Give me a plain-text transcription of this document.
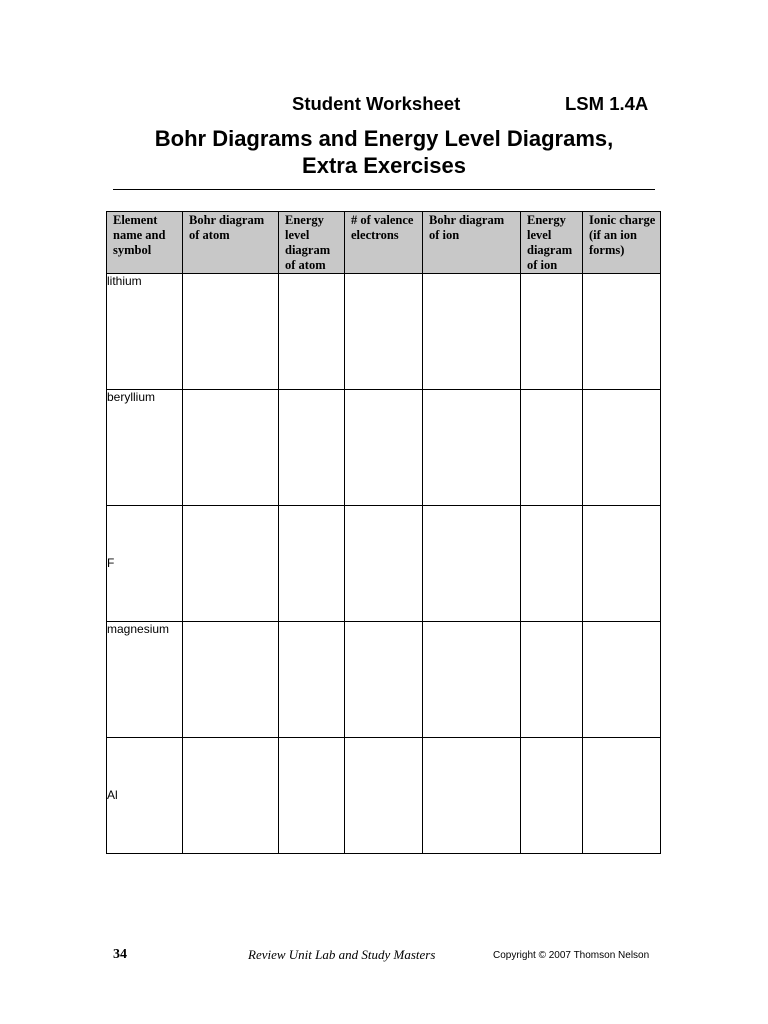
Student Worksheet	LSM 1.4A
Bohr Diagrams and Energy Level Diagrams,
Extra Exercises
Element name and symbol	Bohr diagram of atom	Energy level diagram of atom	# of valence electrons	Bohr diagram of ion	Energy level diagram of ion	Ionic charge (if an ion forms)
lithium						
beryllium						
F						
magnesium						
Al						
34	Review Unit Lab and Study Masters	Copyright © 2007 Thomson Nelson
